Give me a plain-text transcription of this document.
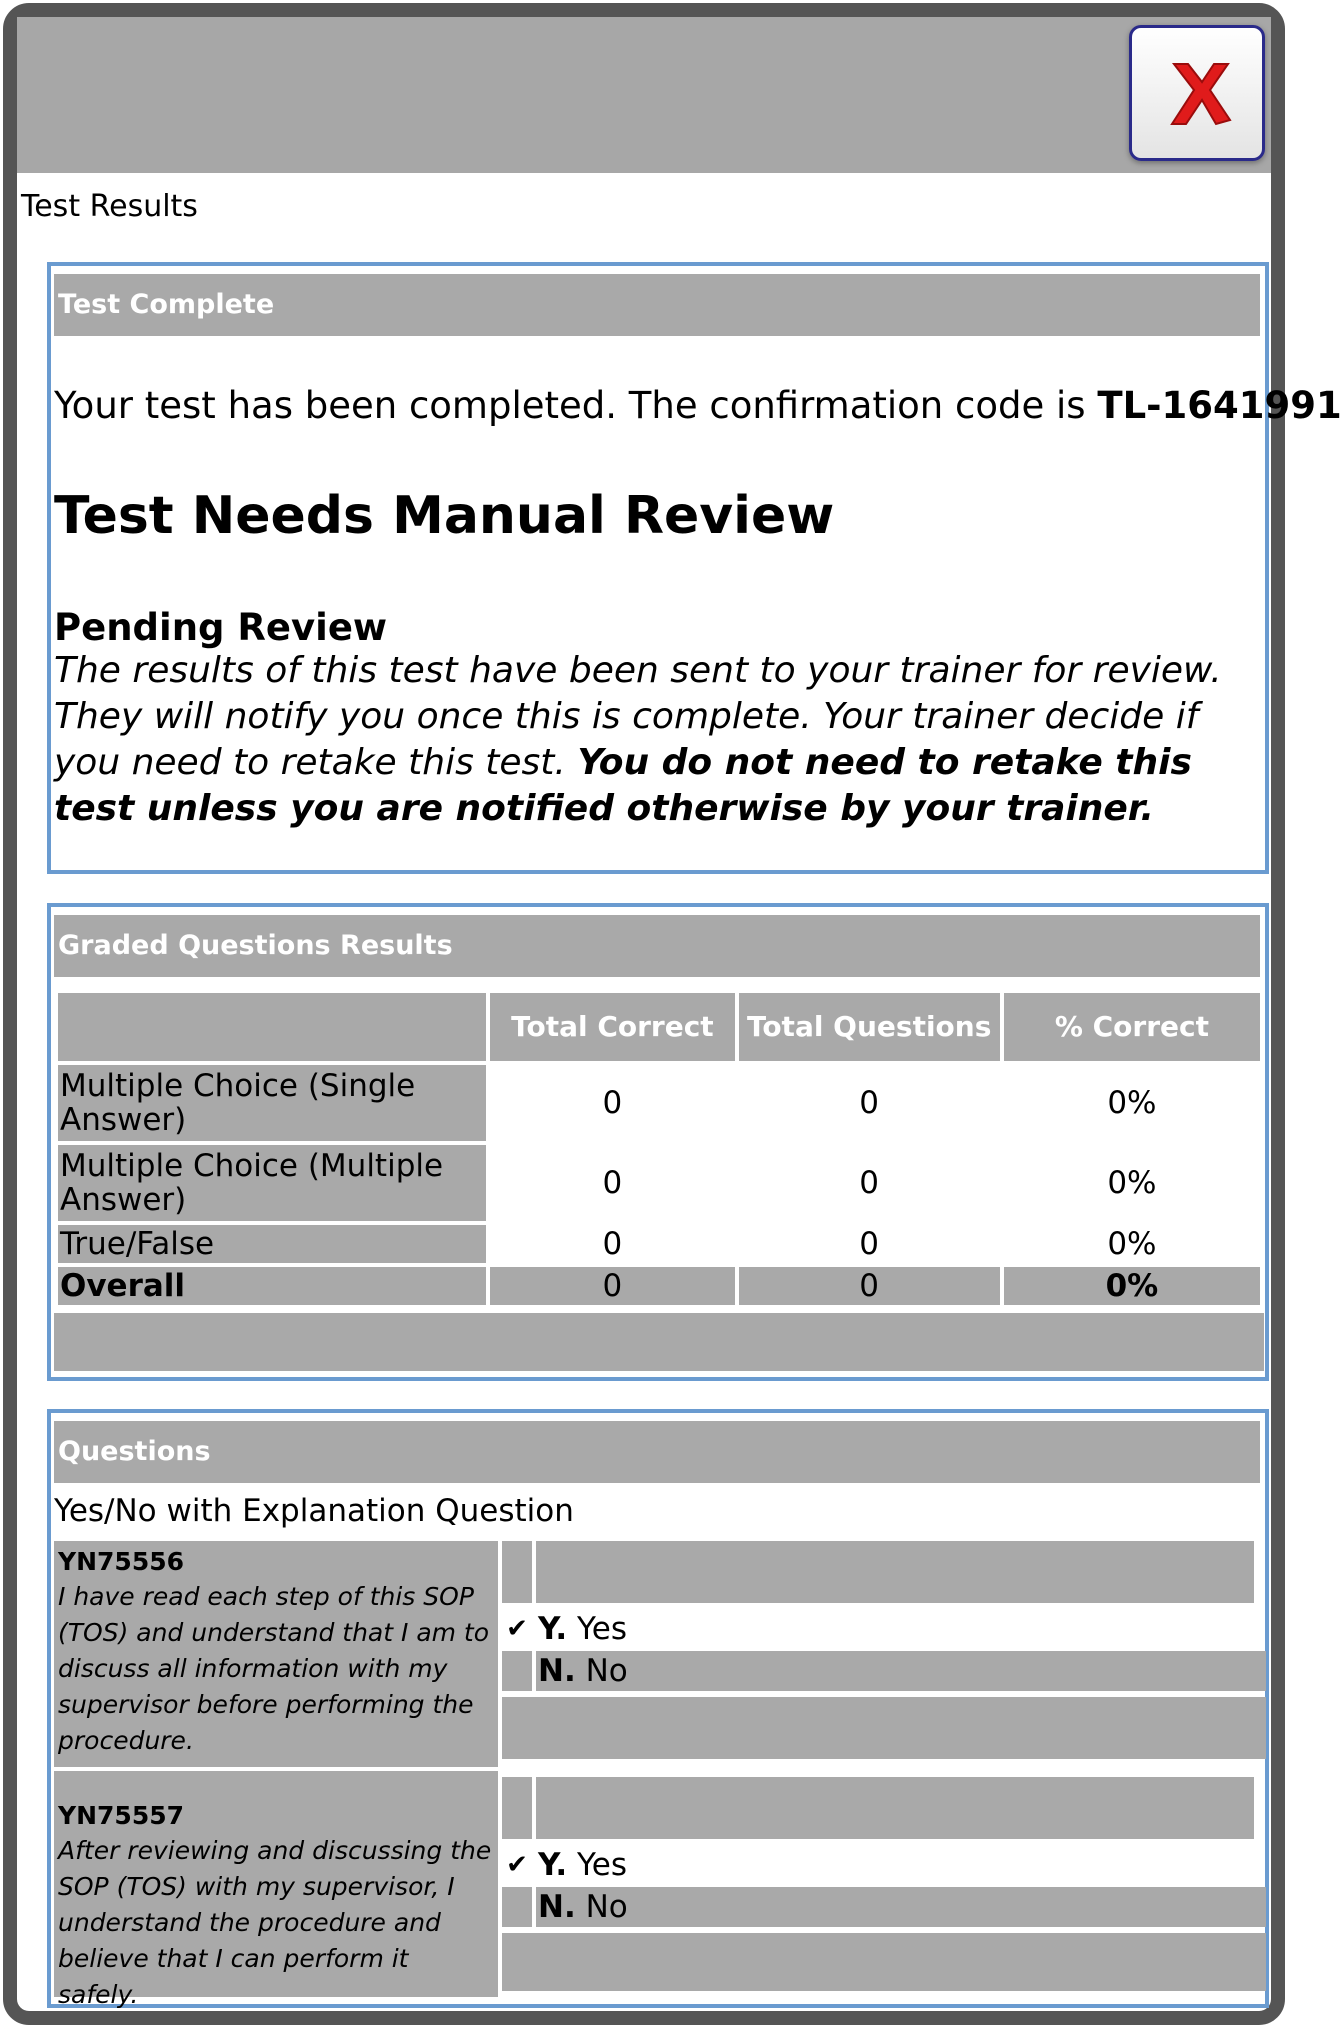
Test Results
Test Complete
Your test has been completed. The confirmation code is TL-1641991
Test Needs Manual Review
Pending Review
The results of this test have been sent to your trainer for review. They will notify you once this is complete. Your trainer decide if you need to retake this test. You do not need to retake this test unless you are notified otherwise by your trainer.
Graded Questions Results
	Total Correct	Total Questions	% Correct
Multiple Choice (Single Answer)	0	0	0%
Multiple Choice (Multiple Answer)	0	0	0%
True/False	0	0	0%
Overall	0	0	0%
Questions
Yes/No with Explanation Question
YN75556
I have read each step of this SOP (TOS) and understand that I am to discuss all information with my supervisor before performing the procedure.
✔ Y. Yes
N. No
YN75557
After reviewing and discussing the SOP (TOS) with my supervisor, I understand the procedure and believe that I can perform it safely.
✔ Y. Yes
N. No
